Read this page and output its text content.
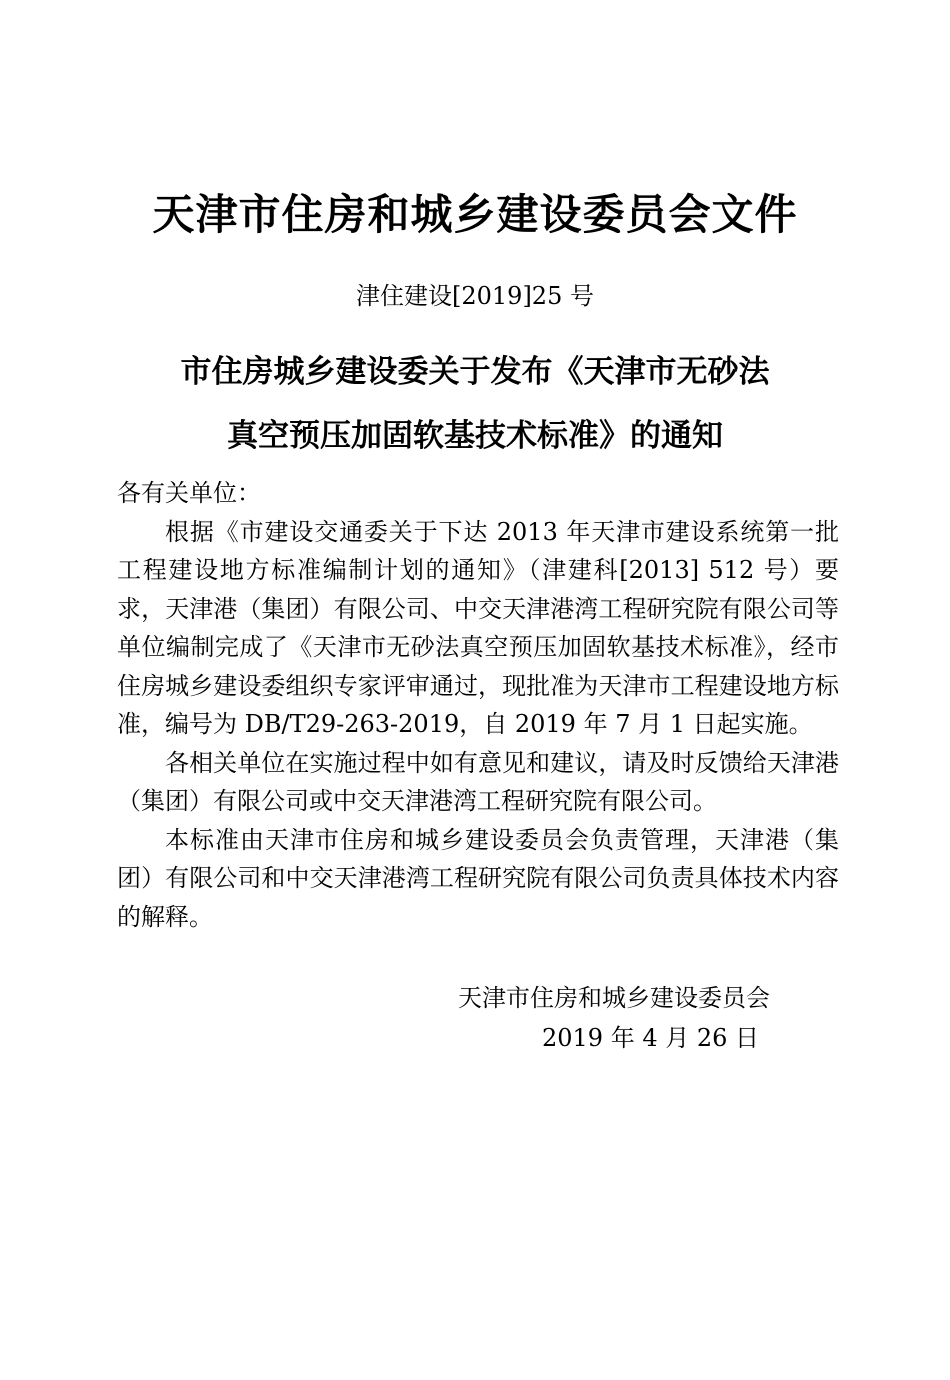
天津市住房和城乡建设委员会文件
津住建设[2019]25 号
市住房城乡建设委关于发布《天津市无砂法
真空预压加固软基技术标准》的通知

各有关单位：

根据《市建设交通委关于下达 2013 年天津市建设系统第一批工程建设地方标准编制计划的通知》（津建科[2013] 512 号）要求，天津港（集团）有限公司、中交天津港湾工程研究院有限公司等单位编制完成了《天津市无砂法真空预压加固软基技术标准》，经市住房城乡建设委组织专家评审通过，现批准为天津市工程建设地方标准，编号为 DB/T29-263-2019，自 2019 年 7 月 1 日起实施。

各相关单位在实施过程中如有意见和建议，请及时反馈给天津港（集团）有限公司或中交天津港湾工程研究院有限公司。

本标准由天津市住房和城乡建设委员会负责管理，天津港（集团）有限公司和中交天津港湾工程研究院有限公司负责具体技术内容的解释。

天津市住房和城乡建设委员会
2019 年 4 月 26 日
